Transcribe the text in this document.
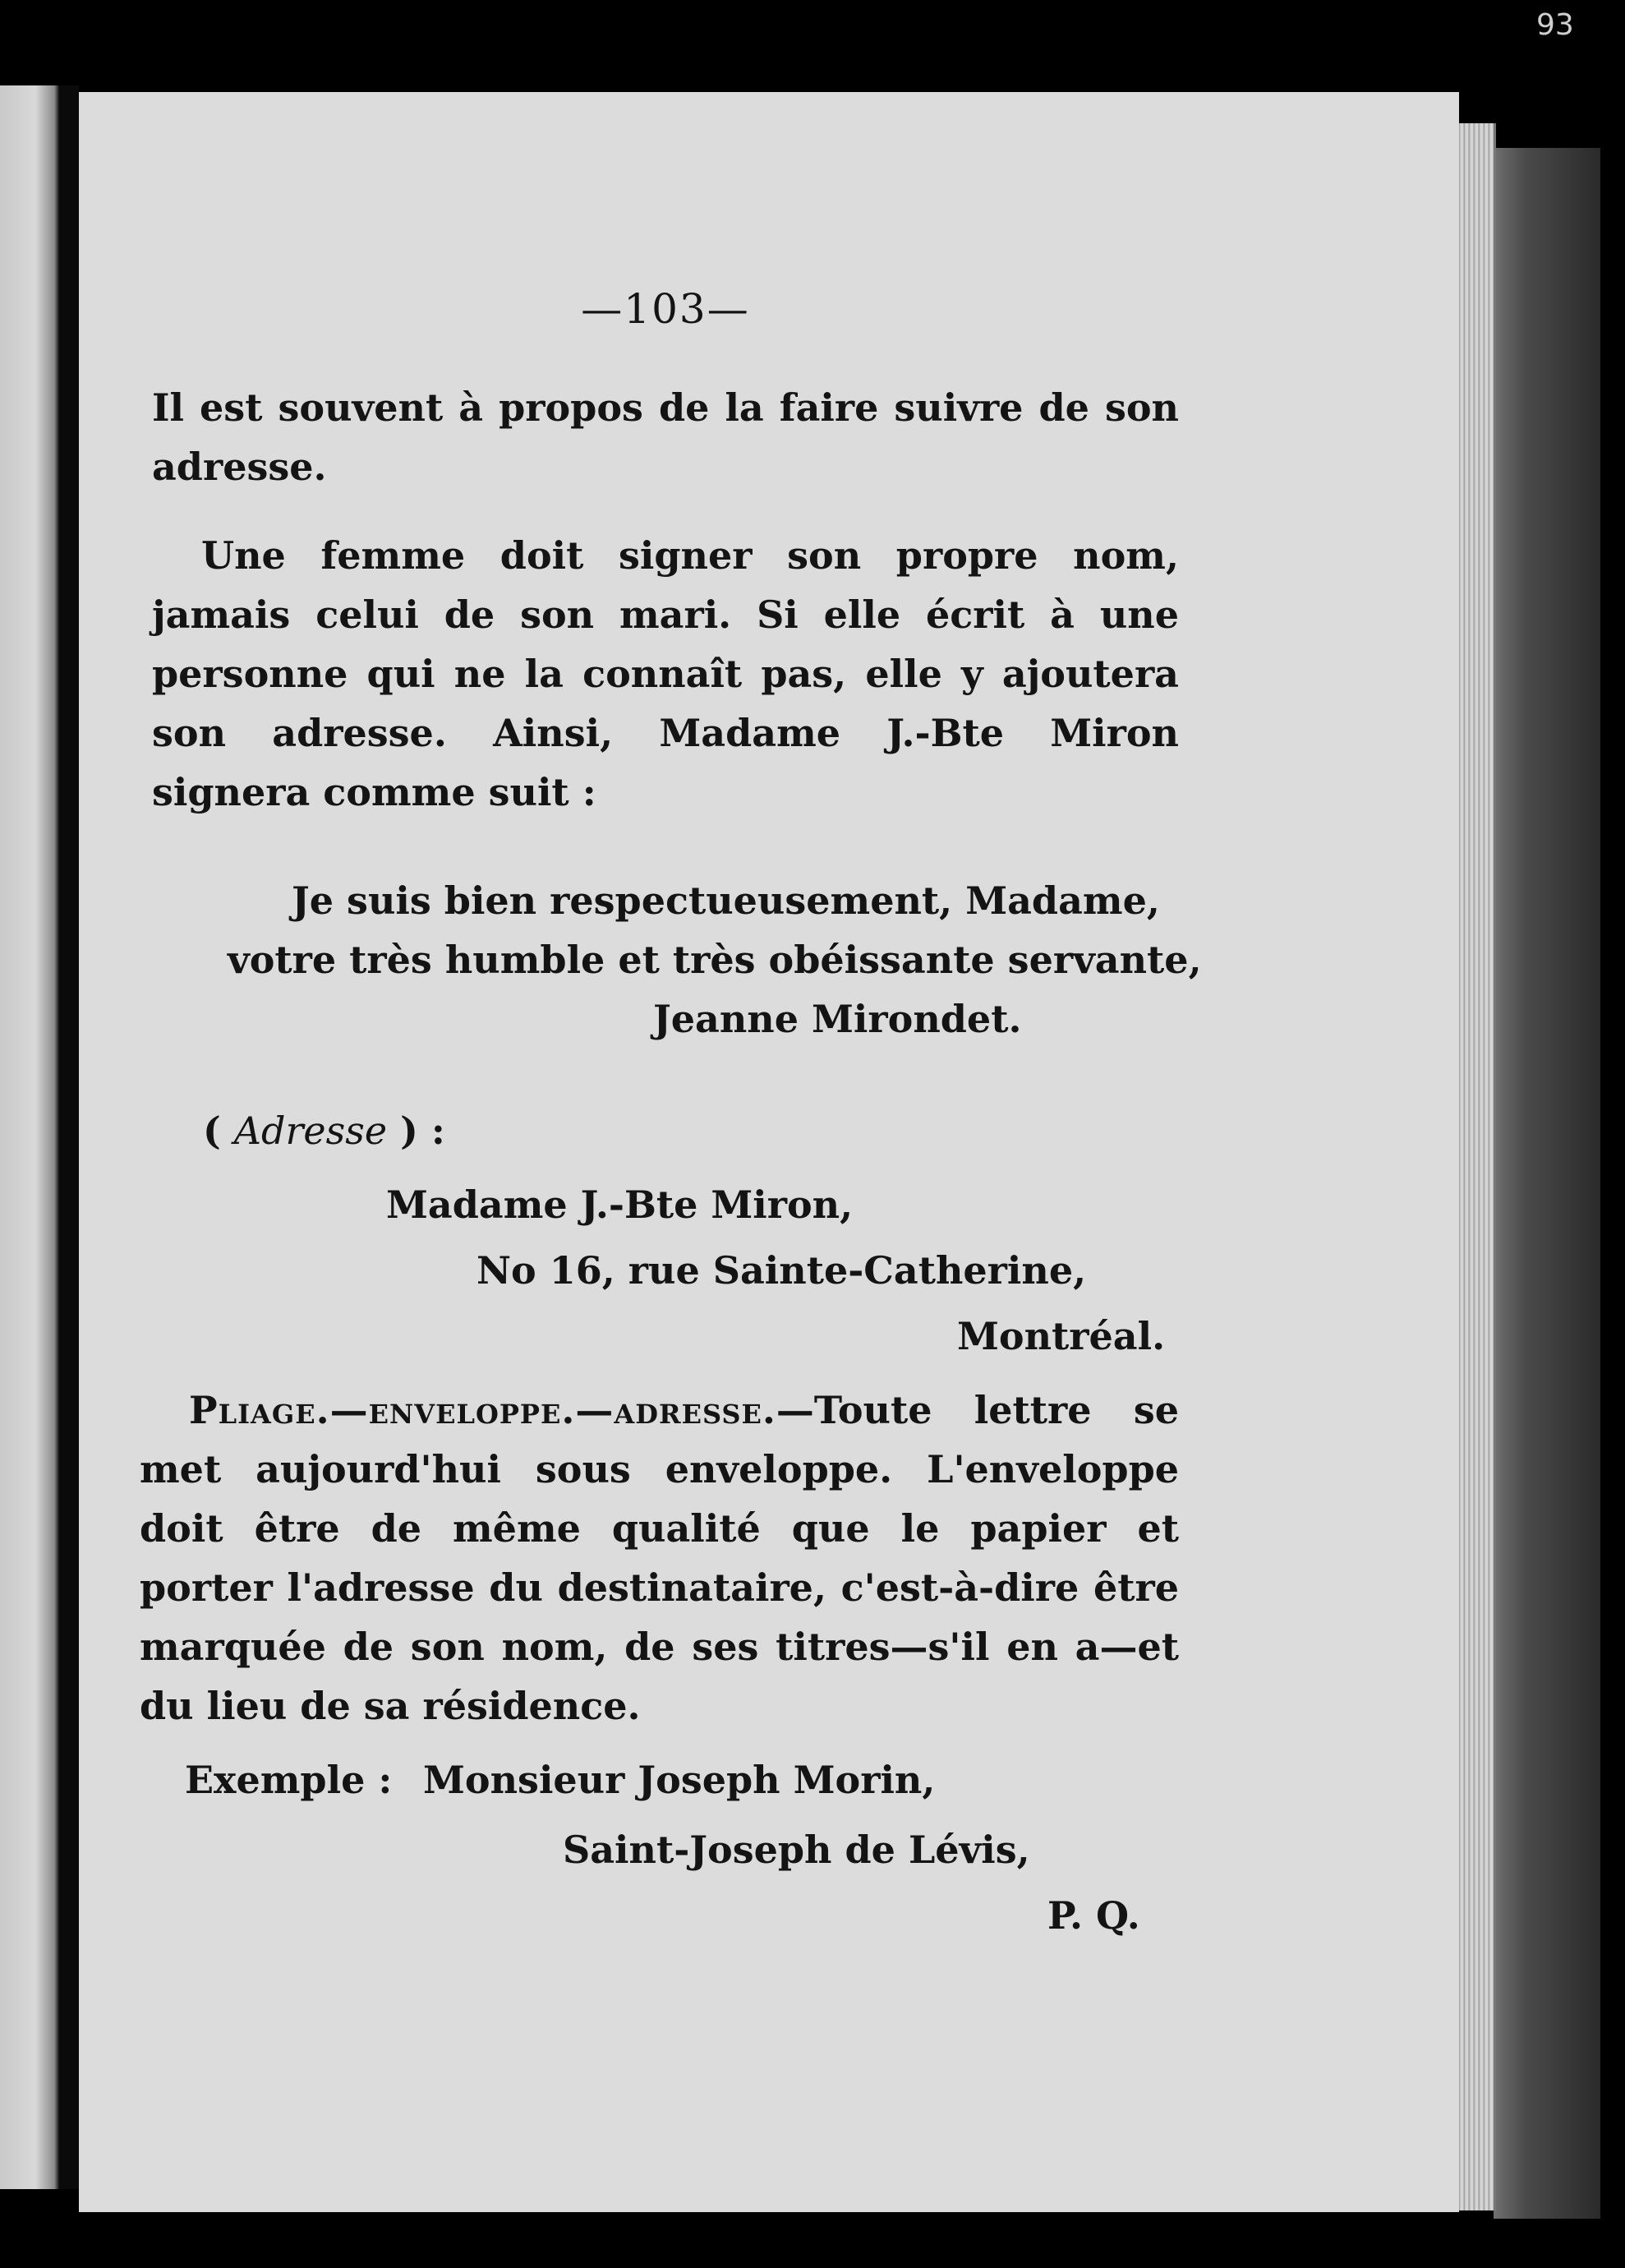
93
—103—
Il est souvent à propos de la faire suivre de son adresse.
Une femme doit signer son propre nom, jamais celui de son mari. Si elle écrit à une personne qui ne la connaît pas, elle y ajoutera son adresse. Ainsi, Madame J.-Bte Miron signera comme suit :
Je suis bien respectueusement, Madame,
votre très humble et très obéissante servante,
Jeanne Mirondet.
( Adresse ) :
Madame J.-Bte Miron,
No 16, rue Sainte-Catherine,
Montréal.
Pliage.—enveloppe.—adresse.—Toute lettre se met aujourd'hui sous enveloppe. L'enveloppe doit être de même qualité que le papier et porter l'adresse du destinataire, c'est-à-dire être marquée de son nom, de ses titres—s'il en a—et du lieu de sa résidence.
Exemple : Monsieur Joseph Morin,
Saint-Joseph de Lévis,
P. Q.
